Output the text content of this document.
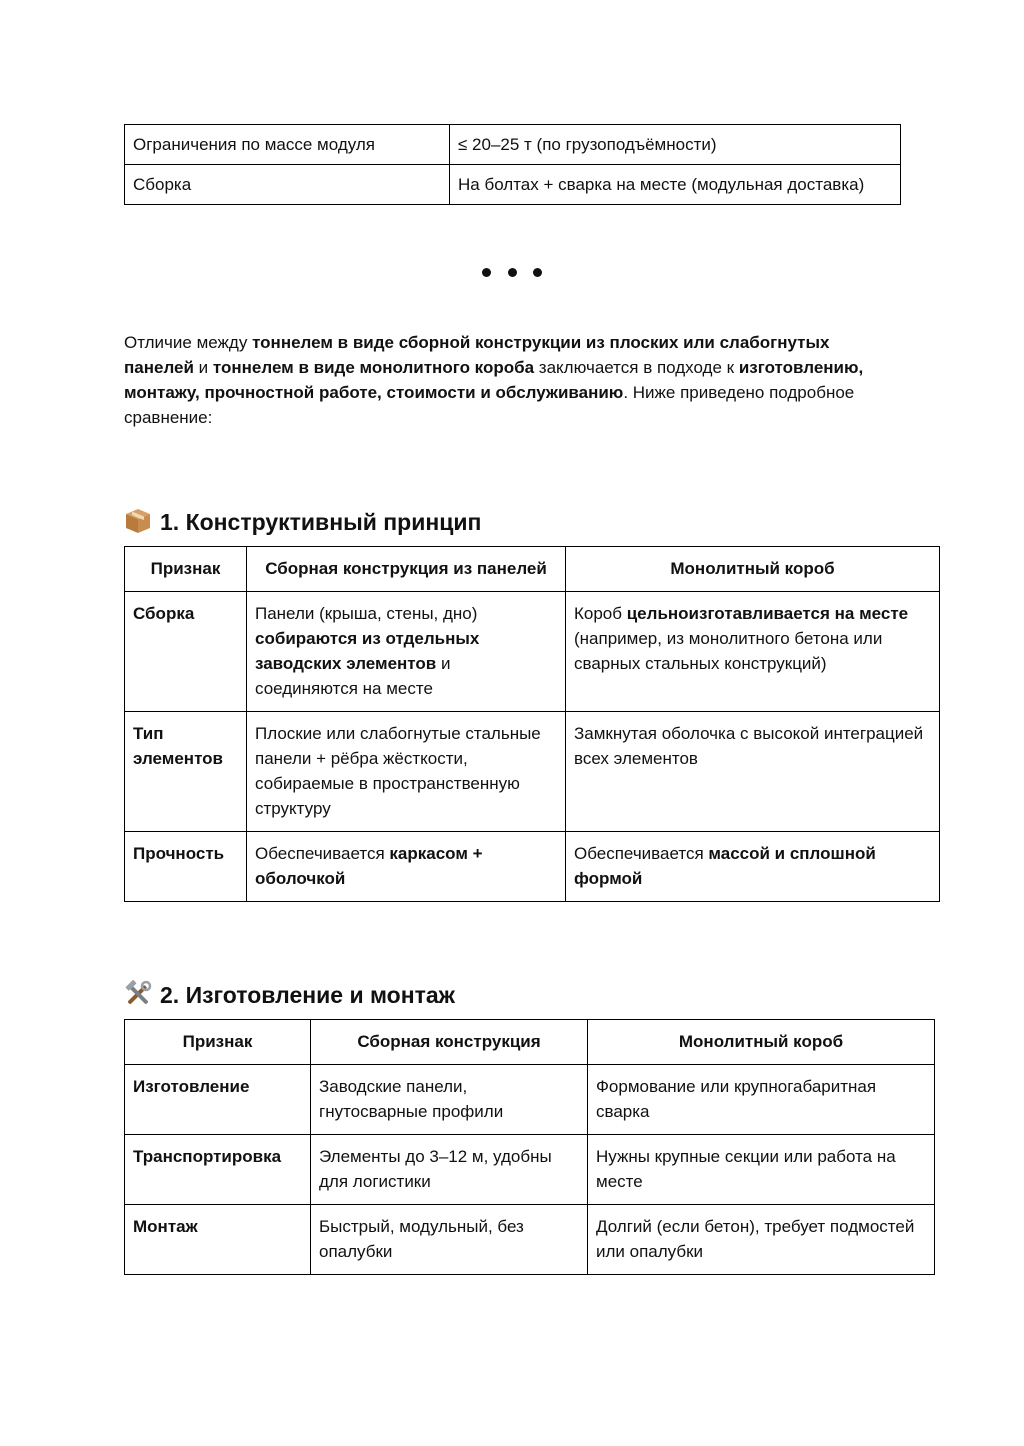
Ограничения по массе модуля	≤ 20–25 т (по грузоподъёмности)

Сборка	На болтах + сварка на месте (модульная доставка)

Отличие между тоннелем в виде сборной конструкции из плоских или слабогнутых панелей и тоннелем в виде монолитного короба заключается в подходе к изготовлению, монтажу, прочностной работе, стоимости и обслуживанию. Ниже приведено подробное сравнение:

1. Конструктивный принцип
Признак	Сборная конструкция из панелей	Монолитный короб
Сборка	Панели (крыша, стены, дно) собираются из отдельных заводских элементов и соединяются на месте	Короб цельноизготавливается на месте (например, из монолитного бетона или сварных стальных конструкций)
Тип элементов	Плоские или слабогнутые стальные панели + рёбра жёсткости, собираемые в пространственную структуру	Замкнутая оболочка с высокой интеграцией всех элементов
Прочность	Обеспечивается каркасом + оболочкой	Обеспечивается массой и сплошной формой
2. Изготовление и монтаж
Признак	Сборная конструкция	Монолитный короб
Изготовление	Заводские панели, гнутосварные профили	Формование или крупногабаритная сварка
Транспортировка	Элементы до 3–12 м, удобны для логистики	Нужны крупные секции или работа на месте
Монтаж	Быстрый, модульный, без опалубки	Долгий (если бетон), требует подмостей или опалубки
